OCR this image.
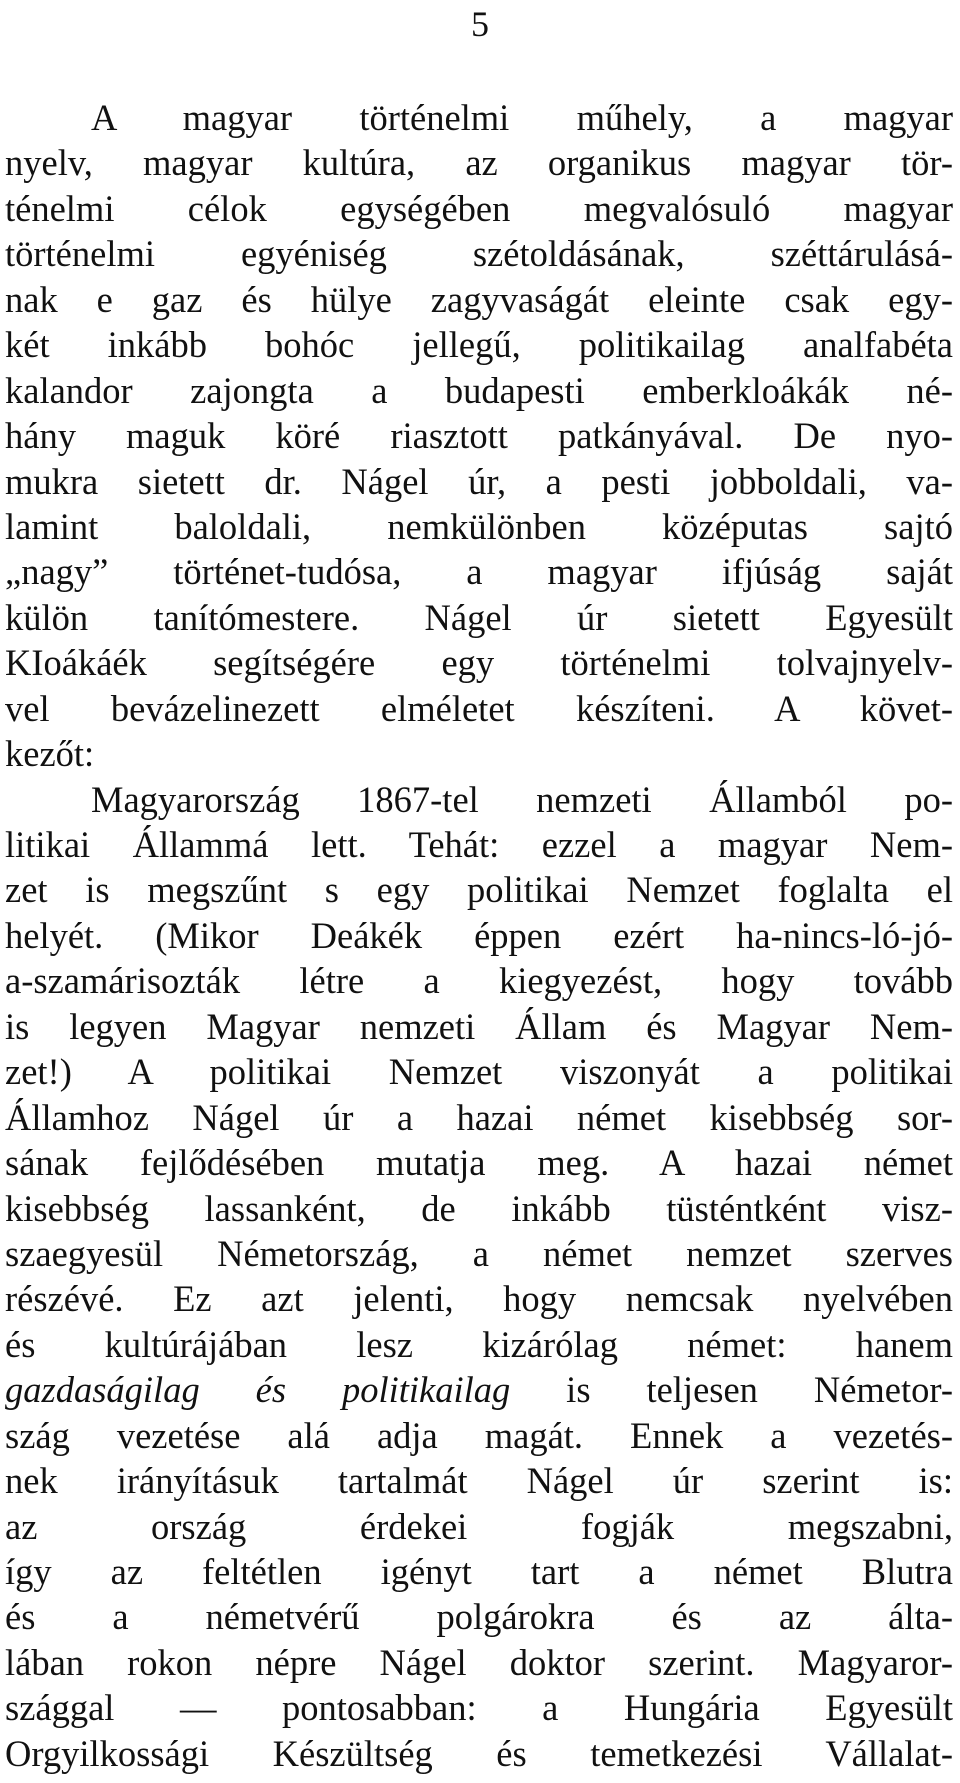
5
A magyar történelmi műhely, a magyar
nyelv, magyar kultúra, az organikus magyar tör-
ténelmi célok egységében megvalósuló magyar
történelmi egyéniség szétoldásának, széttárulásá-
nak e gaz és hülye zagyvaságát eleinte csak egy-
két inkább bohóc jellegű, politikailag analfabéta
kalandor zajongta a budapesti emberkloákák né-
hány maguk köré riasztott patkányával. De nyo-
mukra sietett dr. Nágel úr, a pesti jobboldali, va-
lamint baloldali, nemkülönben középutas sajtó
„nagy” történet-tudósa, a magyar ifjúság saját
külön tanítómestere. Nágel úr sietett Egyesült
KIoákáék segítségére egy történelmi tolvajnyelv-
vel bevázelinezett elméletet készíteni. A követ-
kezőt:
Magyarország 1867-tel nemzeti Államból po-
litikai Állammá lett. Tehát: ezzel a magyar Nem-
zet is megszűnt s egy politikai Nemzet foglalta el
helyét. (Mikor Deákék éppen ezért ha-nincs-ló-jó-
a-szamárisozták létre a kiegyezést, hogy tovább
is legyen Magyar nemzeti Állam és Magyar Nem-
zet!) A politikai Nemzet viszonyát a politikai
Államhoz Nágel úr a hazai német kisebbség sor-
sának fejlődésében mutatja meg. A hazai német
kisebbség lassanként, de inkább tüsténtként visz-
szaegyesül Németország, a német nemzet szerves
részévé. Ez azt jelenti, hogy nemcsak nyelvében
és kultúrájában lesz kizárólag német: hanem
gazdaságilag és politikailag is teljesen Németor-
szág vezetése alá adja magát. Ennek a vezetés-
nek irányításuk tartalmát Nágel úr szerint is:
az ország érdekei fogják megszabni,
így az feltétlen igényt tart a német Blutra
és a németvérű polgárokra és az álta-
lában rokon népre Nágel doktor szerint. Magyaror-
szággal — pontosabban: a Hungária Egyesült
Orgyilkossági Készültség és temetkezési Vállalat-
